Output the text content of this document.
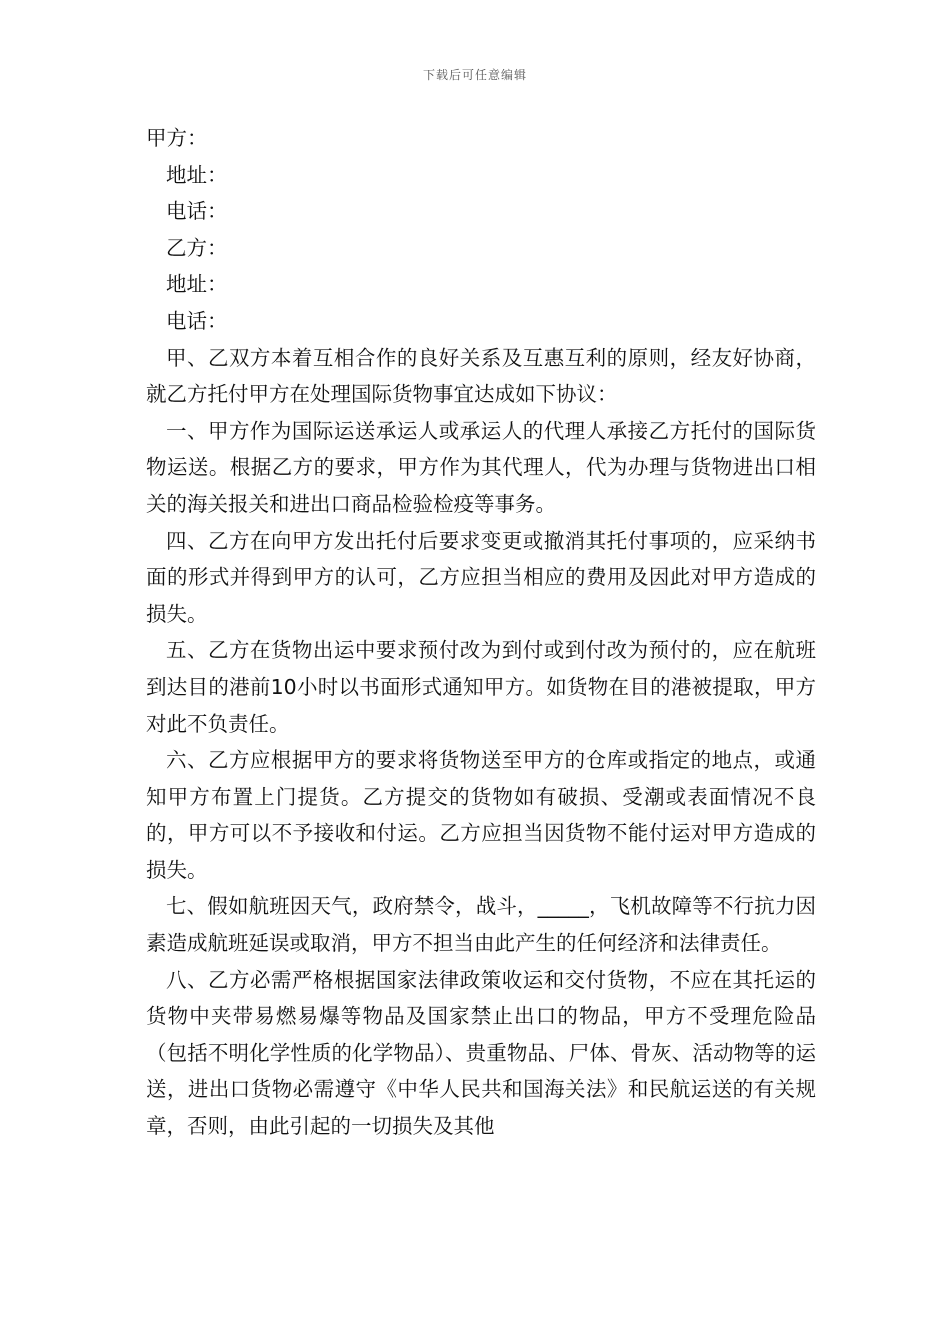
下载后可任意编辑

甲方：

地址：

电话：

乙方：

地址：

电话：

甲、乙双方本着互相合作的良好关系及互惠互利的原则，经友好协商，就乙方托付甲方在处理国际货物事宜达成如下协议：

一、甲方作为国际运送承运人或承运人的代理人承接乙方托付的国际货物运送。根据乙方的要求，甲方作为其代理人，代为办理与货物进出口相关的海关报关和进出口商品检验检疫等事务。

四、乙方在向甲方发出托付后要求变更或撤消其托付事项的，应采纳书面的形式并得到甲方的认可，乙方应担当相应的费用及因此对甲方造成的损失。

五、乙方在货物出运中要求预付改为到付或到付改为预付的，应在航班到达目的港前10小时以书面形式通知甲方。如货物在目的港被提取，甲方对此不负责任。

六、乙方应根据甲方的要求将货物送至甲方的仓库或指定的地点，或通知甲方布置上门提货。乙方提交的货物如有破损、受潮或表面情况不良的，甲方可以不予接收和付运。乙方应担当因货物不能付运对甲方造成的损失。

七、假如航班因天气，政府禁令，战斗，_____，飞机故障等不行抗力因素造成航班延误或取消，甲方不担当由此产生的任何经济和法律责任。

八、乙方必需严格根据国家法律政策收运和交付货物，不应在其托运的货物中夹带易燃易爆等物品及国家禁止出口的物品，甲方不受理危险品（包括不明化学性质的化学物品）、贵重物品、尸体、骨灰、活动物等的运送，进出口货物必需遵守《中华人民共和国海关法》和民航运送的有关规章，否则，由此引起的一切损失及其他
